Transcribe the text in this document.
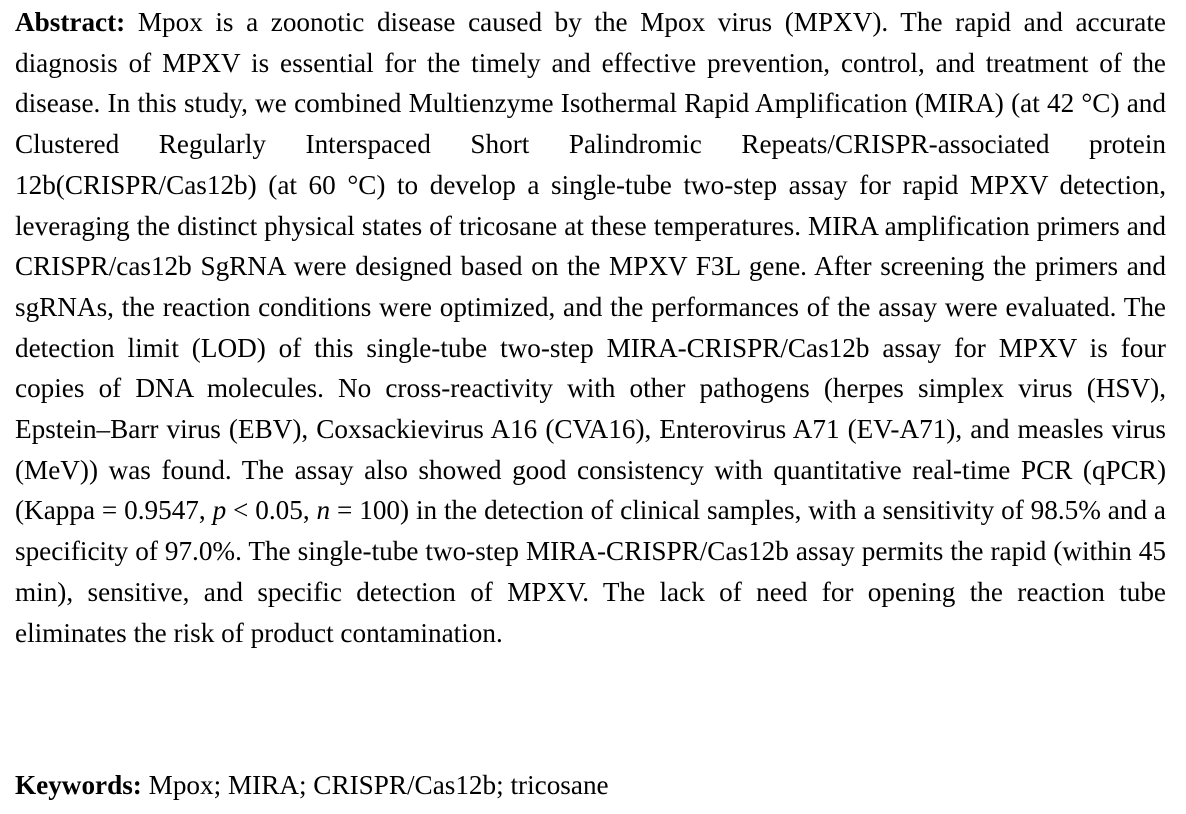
Abstract: Mpox is a zoonotic disease caused by the Mpox virus (MPXV). The rapid and accurate diagnosis of MPXV is essential for the timely and effective prevention, control, and treatment of the disease. In this study, we combined Multienzyme Isothermal Rapid Amplification (MIRA) (at 42 °C) and Clustered Regularly Interspaced Short Palindromic Repeats/CRISPR-associated protein 12b(CRISPR/Cas12b) (at 60 °C) to develop a single-tube two-step assay for rapid MPXV detection, leveraging the distinct physical states of tricosane at these temperatures. MIRA amplification primers and CRISPR/cas12b SgRNA were designed based on the MPXV F3L gene. After screening the primers and sgRNAs, the reaction conditions were optimized, and the performances of the assay were evaluated. The detection limit (LOD) of this single-tube two-step MIRA-CRISPR/Cas12b assay for MPXV is four copies of DNA molecules. No cross-reactivity with other pathogens (herpes simplex virus (HSV), Epstein–Barr virus (EBV), Coxsackievirus A16 (CVA16), Enterovirus A71 (EV-A71), and measles virus (MeV)) was found. The assay also showed good consistency with quantitative real-time PCR (qPCR) (Kappa = 0.9547, p < 0.05, n = 100) in the detection of clinical samples, with a sensitivity of 98.5% and a specificity of 97.0%. The single-tube two-step MIRA-CRISPR/Cas12b assay permits the rapid (within 45 min), sensitive, and specific detection of MPXV. The lack of need for opening the reaction tube eliminates the risk of product contamination.

Keywords: Mpox; MIRA; CRISPR/Cas12b; tricosane
